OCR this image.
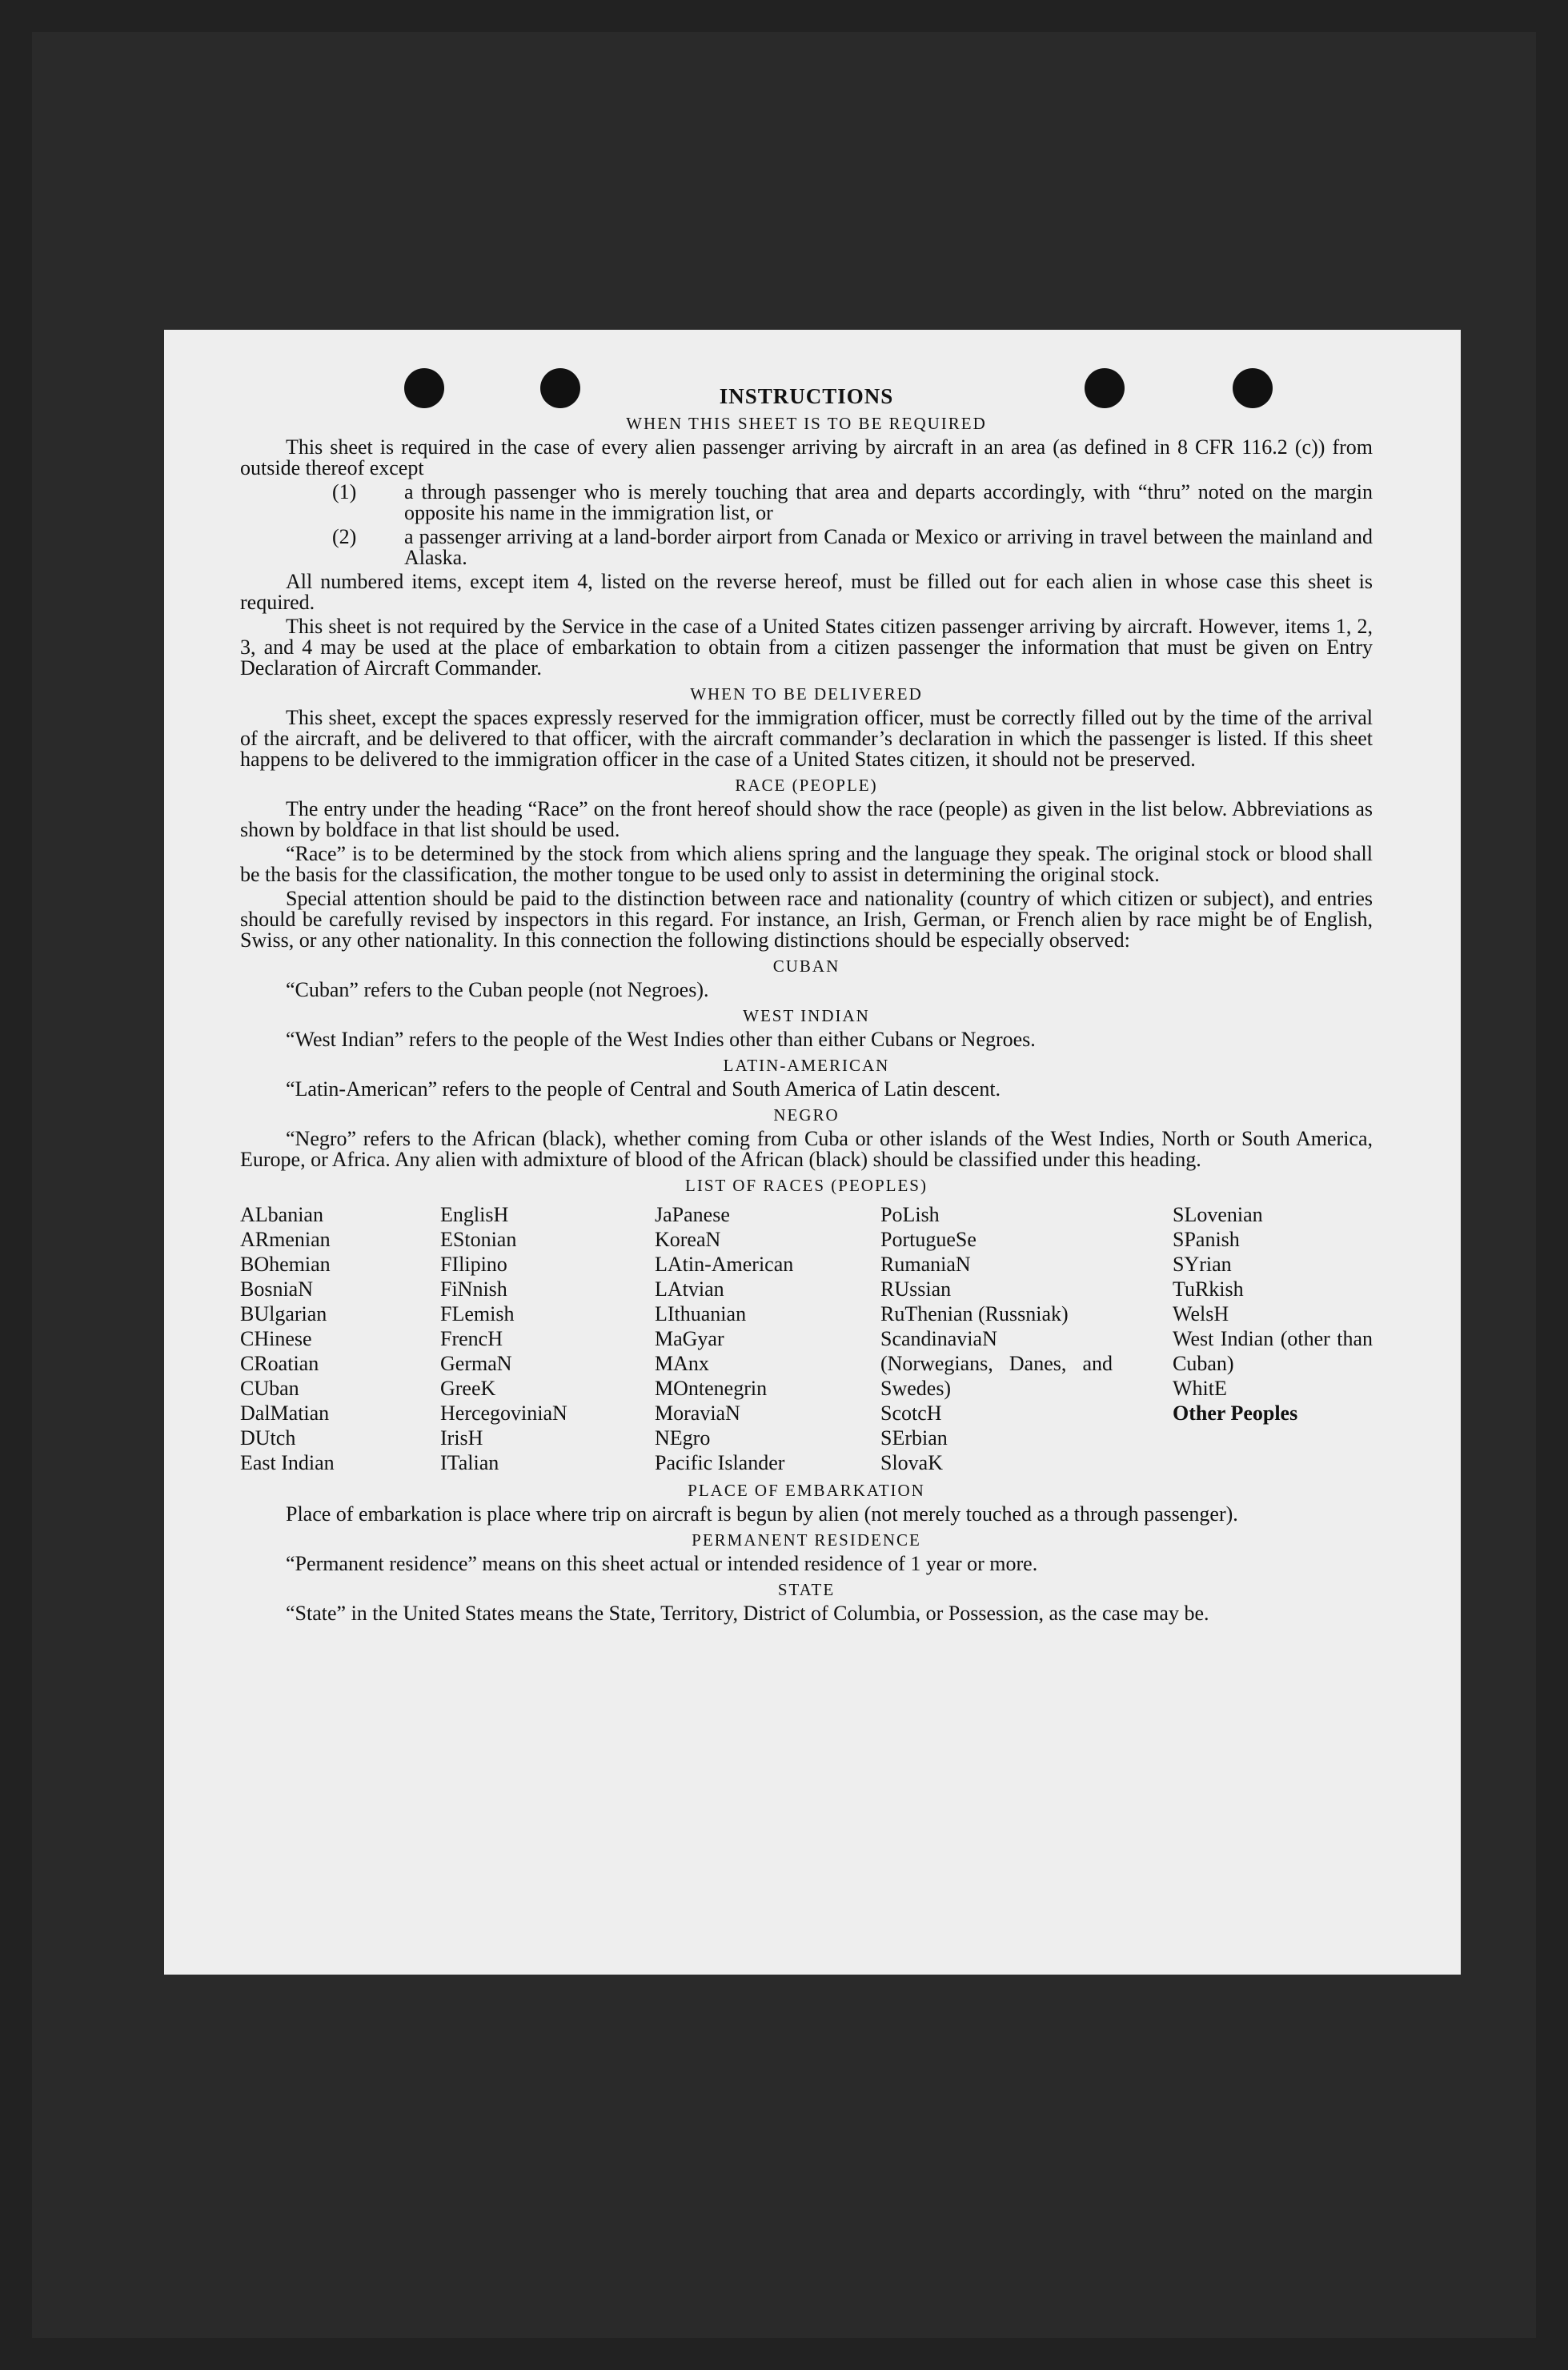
INSTRUCTIONS
WHEN THIS SHEET IS TO BE REQUIRED

This sheet is required in the case of every alien passenger arriving by aircraft in an area (as defined in 8 CFR 116.2 (c)) from outside thereof except

(1)	a through passenger who is merely touching that area and departs accordingly, with “thru” noted on the margin opposite his name in the immigration list, or
(2)	a passenger arriving at a land-border airport from Canada or Mexico or arriving in travel between the mainland and Alaska.

All numbered items, except item 4, listed on the reverse hereof, must be filled out for each alien in whose case this sheet is required.

This sheet is not required by the Service in the case of a United States citizen passenger arriving by aircraft. However, items 1, 2, 3, and 4 may be used at the place of embarkation to obtain from a citizen passenger the information that must be given on Entry Declaration of Aircraft Commander.

WHEN TO BE DELIVERED

This sheet, except the spaces expressly reserved for the immigration officer, must be correctly filled out by the time of the arrival of the aircraft, and be delivered to that officer, with the aircraft commander’s declaration in which the passenger is listed. If this sheet happens to be delivered to the immigration officer in the case of a United States citizen, it should not be preserved.

RACE (PEOPLE)

The entry under the heading “Race” on the front hereof should show the race (people) as given in the list below. Abbreviations as shown by boldface in that list should be used.

“Race” is to be determined by the stock from which aliens spring and the language they speak. The original stock or blood shall be the basis for the classification, the mother tongue to be used only to assist in determining the original stock.

Special attention should be paid to the distinction between race and nationality (country of which citizen or subject), and entries should be carefully revised by inspectors in this regard. For instance, an Irish, German, or French alien by race might be of English, Swiss, or any other nationality. In this connection the following distinctions should be especially observed:

CUBAN
“Cuban” refers to the Cuban people (not Negroes).
WEST INDIAN
“West Indian” refers to the people of the West Indies other than either Cubans or Negroes.
LATIN-AMERICAN
“Latin-American” refers to the people of Central and South America of Latin descent.
NEGRO

“Negro” refers to the African (black), whether coming from Cuba or other islands of the West Indies, North or South America, Europe, or Africa. Any alien with admixture of blood of the African (black) should be classified under this heading.

LIST OF RACES (PEOPLES)
ALbanian
ARmenian
BOhemian
BosniaN
BUlgarian
CHinese
CRoatian
CUban
DalMatian
DUtch
East Indian
EnglisH
EStonian
FIlipino
FiNnish
FLemish
FrencH
GermaN
GreeK
HercegoviniaN
IrisH
ITalian
JaPanese
KoreaN
LAtin-American
LAtvian
LIthuanian
MaGyar
MAnx
MOntenegrin
MoraviaN
NEgro
Pacific Islander
PoLish
PortugueSe
RumaniaN
RUssian
RuThenian (Russniak)
ScandinaviaN (Norwegians, Danes, and Swedes)
ScotcH
SErbian
SlovaK
SLovenian
SPanish
SYrian
TuRkish
WelsH
West Indian (other than Cuban)
WhitE
Other Peoples
PLACE OF EMBARKATION

Place of embarkation is place where trip on aircraft is begun by alien (not merely touched as a through passenger).

PERMANENT RESIDENCE
“Permanent residence” means on this sheet actual or intended residence of 1 year or more.
STATE

“State” in the United States means the State, Territory, District of Columbia, or Possession, as the case may be.
